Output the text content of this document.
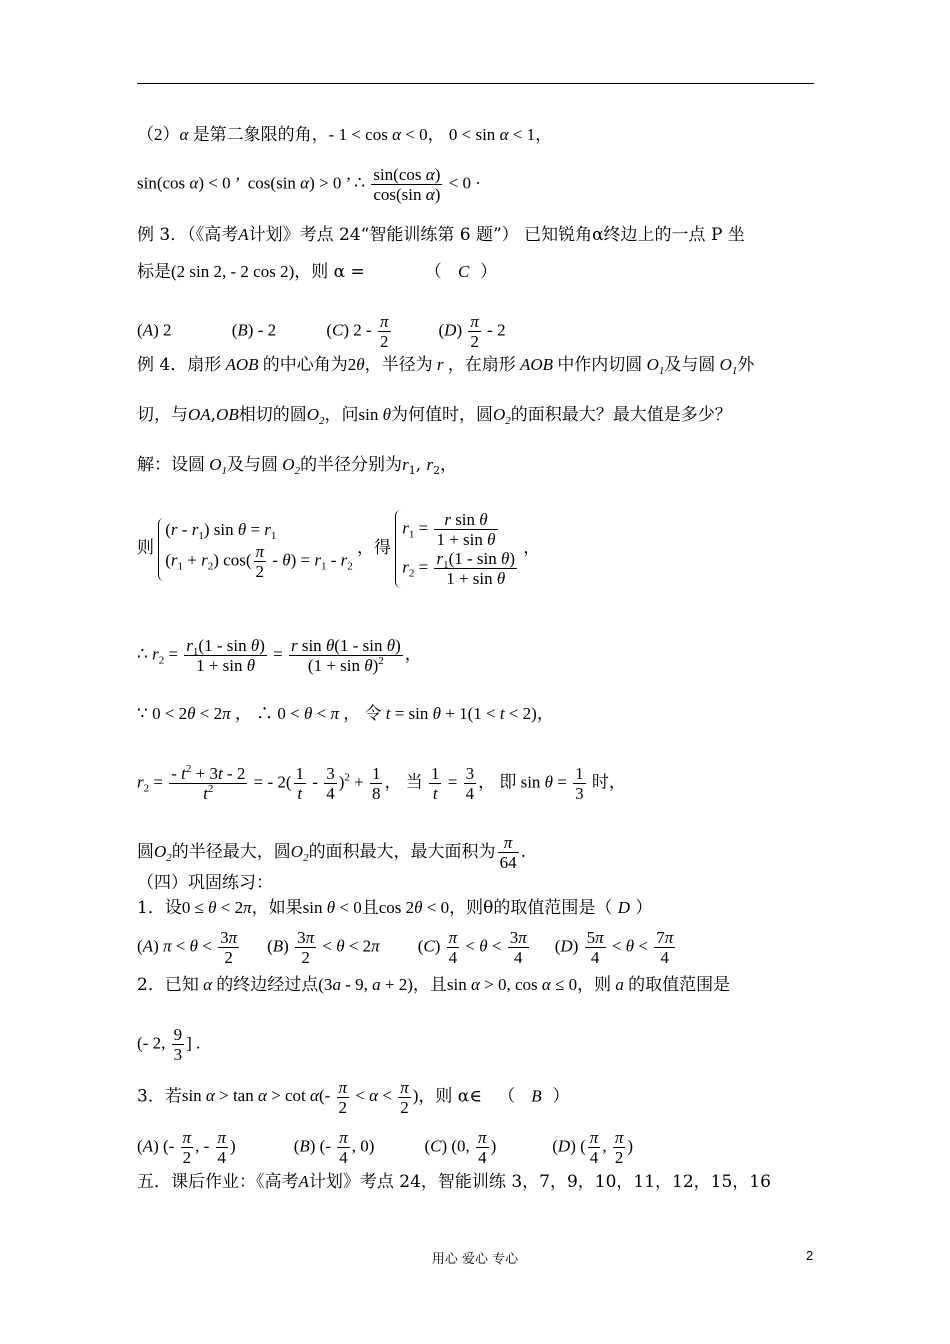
（2）α 是第二象限的角，- 1 < cos α < 0， 0 < sin α < 1，
sin(cos α) < 0 ’  cos(sin α) > 0 ’ ∴ $\frac{\text{sin(cos α)}}{\text{cos(sin α)}} < 0$ ·
例 3．（《高考A计划》考点 24“智能训练第 6 题”） 已知锐角α终边上的一点 P 坐
标是(2 sin 2, - 2 cos 2)，则 α =	（   C  ）
(A) 2	(B) - 2	(C) $2 - \frac{\pi}{2}$	$(D) \frac{\pi}{2} - 2$
例 4．扇形 AOB 的中心角为2θ，半径为 r ，在扇形 AOB 中作内切圆 $O_1$及与圆 $O_1$外
切，与OA,OB相切的圆$O_2$，问sin θ为何值时，圆$O_2$的面积最大？最大值是多少？
解：设圆 $O_1$及与圆 $O_2$的半径分别为$r_1$, $r_2$，
则
$(r - r_1)$ $\sin \theta = r_1$
$(r_1 + r_2)$ $\cos( \frac{\pi}{2} - \theta) = r_1 - r_2$
，得
$r_1 = \frac{\text{r sin θ}}{\text{1 + sin θ}}$
$r_2 = \frac{r_1(1 - \sin \theta)}{\text{1 + sin θ}}$
，
∴ $r_2 = \frac{r_1(1 - \sin \theta)}{\text{1 + sin θ}} = \frac{\text{r sin θ(1 - sin θ)}}{(1 + \sin \theta)^2}$ ，
∵ 0 < 2θ < 2π ， ∴ 0 < θ < π ， 令 t = sin θ + 1(1 < t < 2)，
$r_2 = \frac{- t^2 + 3t - 2}{t^2}$ = - $2( \frac{1}{t} - \frac{3}{4} )^2 + \frac{1}{8}$ ， 当 $\frac{1}{t} = \frac{3}{4}$ ， 即 $\sin \theta = \frac{1}{3}$ 时，
圆$O_2$的半径最大，圆$O_2$的面积最大，最大面积为 $\frac{\pi}{64}$ .
（四）巩固练习：
1．设0 ≤ θ < 2π，如果sin θ < 0且cos 2θ < 0，则θ的取值范围是（ D ）
(A) $\pi < \theta < \frac{3\pi}{2} (B) \frac{3\pi}{2} < \theta < 2\pi$ $(C) \frac{\pi}{4} < \theta < \frac{3\pi}{4} (D) \frac{5\pi}{4} < \theta < \frac{7\pi}{4}$
2．已知 α 的终边经过点(3a - 9, a + 2)，且sin α > 0, cos α ≤ 0，则 a 的取值范围是
(- 2, $\frac{9}{3}$ ] .
3．若$\sin \alpha > \tan \alpha > \cot \alpha(- \frac{\pi}{2} < \alpha < \frac{\pi}{2}$ )，则 α∈   （   B  ）
(A) (- $\frac{\pi}{2}$ , - $\frac{\pi}{4}$ )	(B) (- $\frac{\pi}{4}$ , 0)	(C) (0, $\frac{\pi}{4}$ )	(D) ( $\frac{\pi}{4}$ , $\frac{\pi}{2}$ )
五．课后作业：《高考A计划》考点 24，智能训练 3，7，9，10，11，12，15，16
用心 爱心 专心	2
